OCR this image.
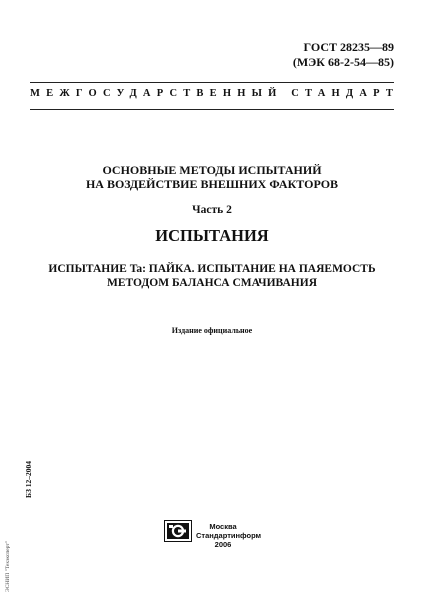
ГОСТ 28235—89
(МЭК 68-2-54—85)
МЕЖГОСУДАРСТВЕННЫЙ СТАНДАРТ
ОСНОВНЫЕ МЕТОДЫ ИСПЫТАНИЙ
НА ВОЗДЕЙСТВИЕ ВНЕШНИХ ФАКТОРОВ
Часть 2
ИСПЫТАНИЯ
ИСПЫТАНИЕ Ta: ПАЙКА. ИСПЫТАНИЕ НА ПАЯЕМОСТЬ
МЕТОДОМ БАЛАНСА СМАЧИВАНИЯ
Издание официальное
БЗ 12–2004
ЭСНИП "Техэксперт"
Москва
Стандартинформ
2006
